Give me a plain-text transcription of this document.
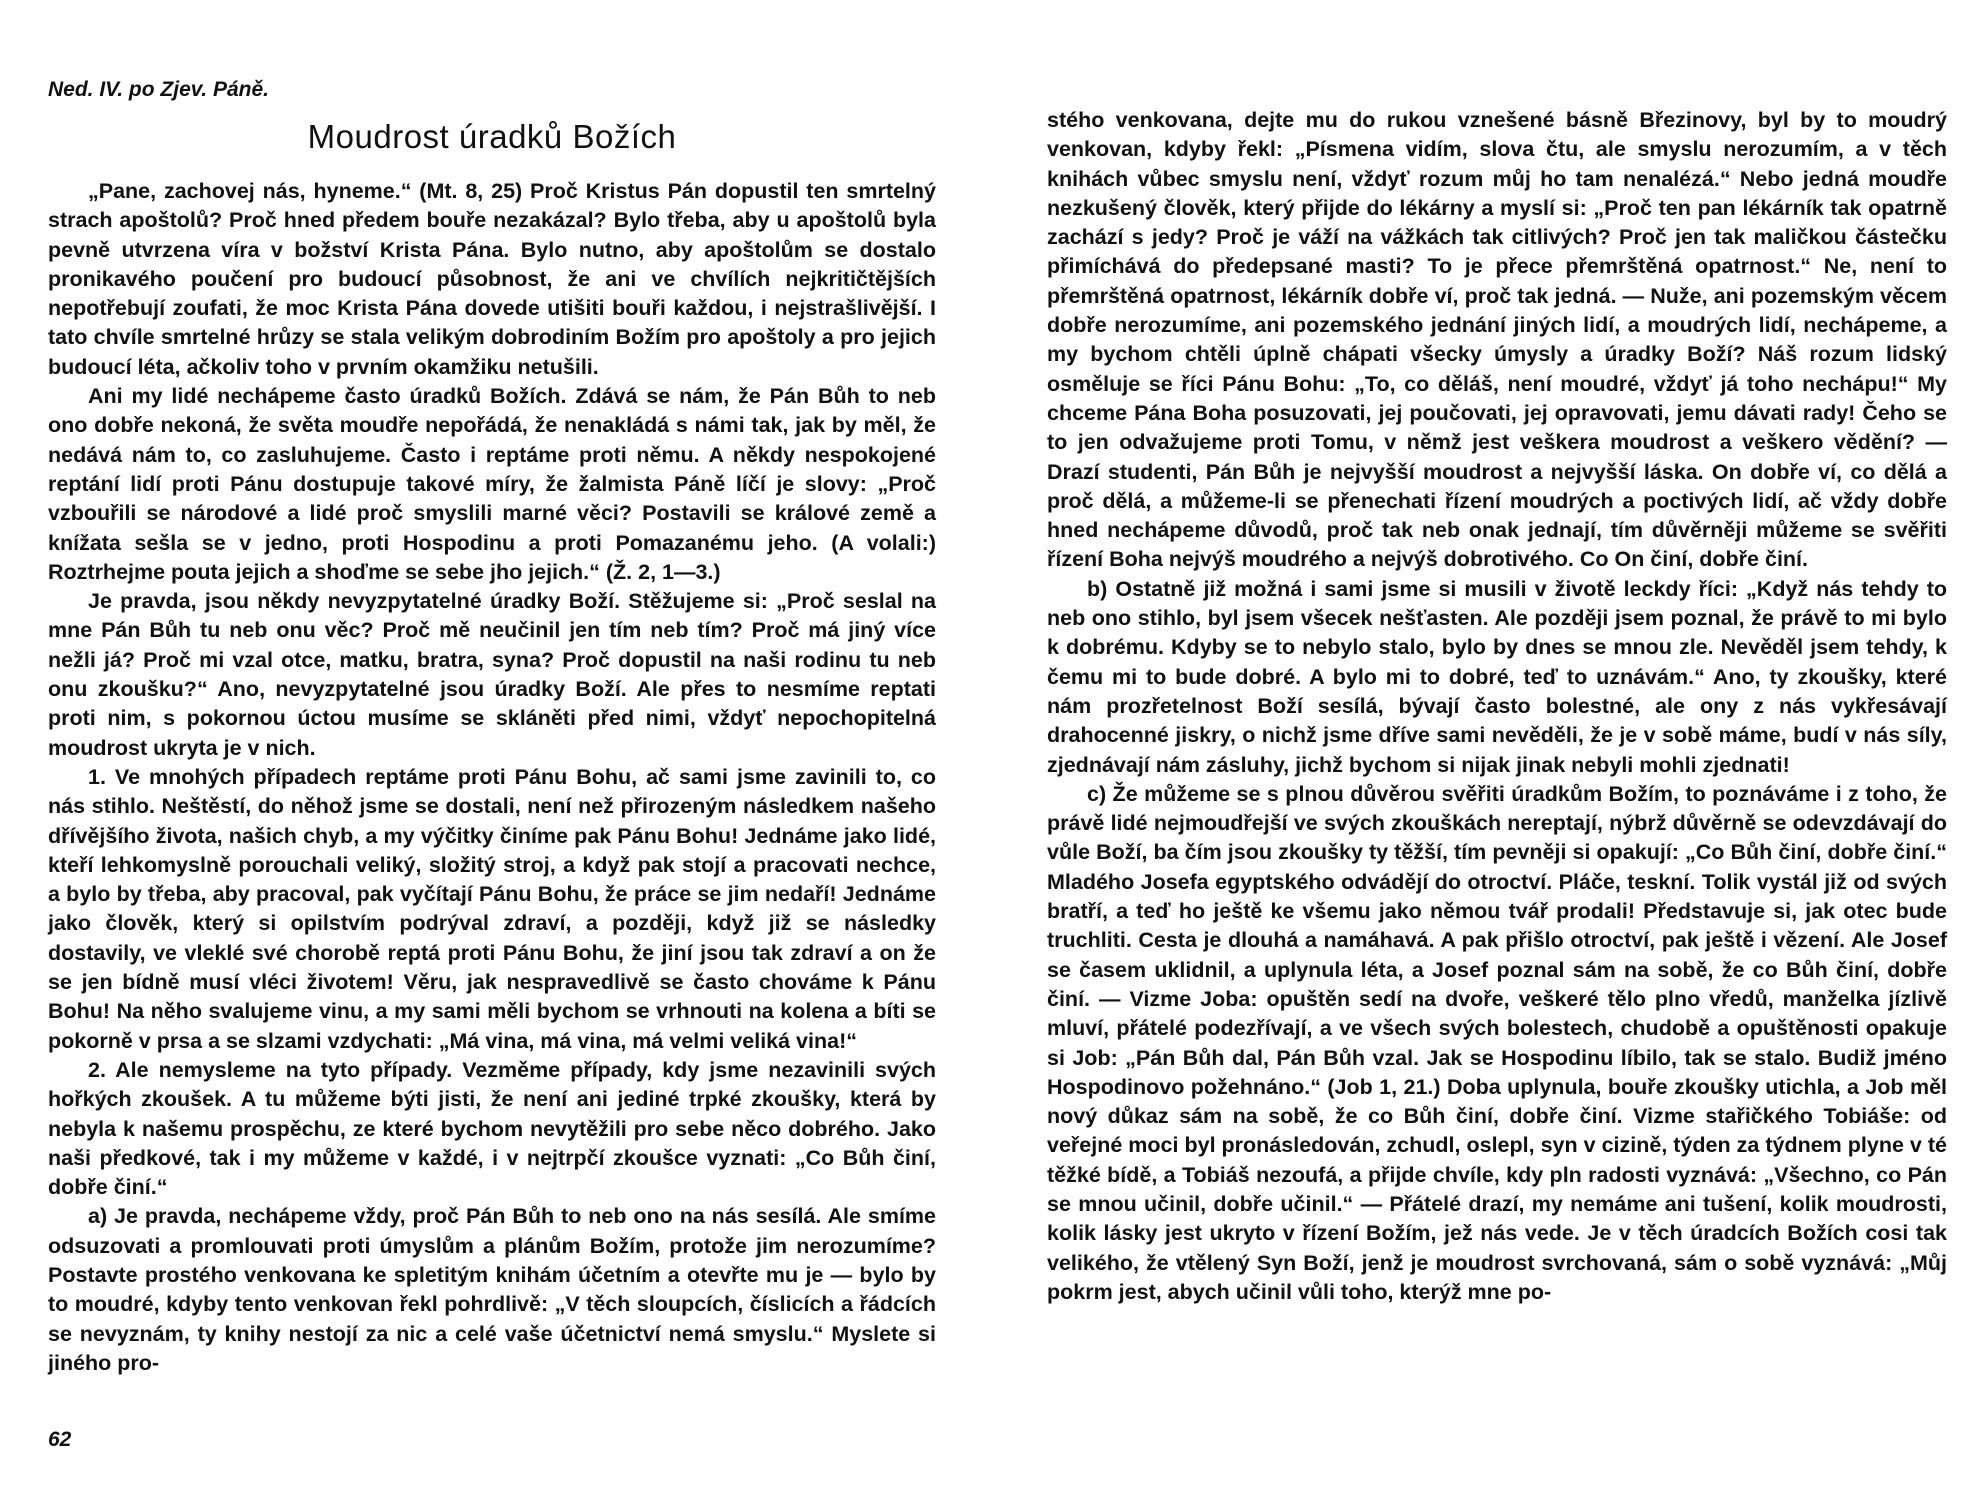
Ned. IV. po Zjev. Páně.
Moudrost úradků Božích

„Pane, zachovej nás, hyneme.“ (Mt. 8, 25) Proč Kristus Pán dopustil ten smrtelný strach apoštolů? Proč hned předem bouře nezakázal? Bylo třeba, aby u apoštolů byla pevně utvrzena víra v božství Krista Pána. Bylo nutno, aby apoštolům se dostalo pronikavého poučení pro budoucí působnost, že ani ve chvílích nejkritičtějších nepotřebují zoufati, že moc Krista Pána dovede utišiti bouři každou, i nejstrašlivější. I tato chvíle smrtelné hrůzy se stala velikým dobrodiním Božím pro apoštoly a pro jejich budoucí léta, ačkoliv toho v prvním okamžiku netušili.

Ani my lidé nechápeme často úradků Božích. Zdává se nám, že Pán Bůh to neb ono dobře nekoná, že světa moudře nepořádá, že nenakládá s námi tak, jak by měl, že nedává nám to, co zasluhujeme. Často i reptáme proti němu. A někdy nespokojené reptání lidí proti Pánu dostupuje takové míry, že žalmista Páně líčí je slovy: „Proč vzbouřili se národové a lidé proč smyslili marné věci? Postavili se králové země a knížata sešla se v jedno, proti Hospodinu a proti Pomazanému jeho. (A volali:) Roztrhejme pouta jejich a shoďme se sebe jho jejich.“ (Ž. 2, 1—3.)

Je pravda, jsou někdy nevyzpytatelné úradky Boží. Stěžujeme si: „Proč seslal na mne Pán Bůh tu neb onu věc? Proč mě neučinil jen tím neb tím? Proč má jiný více nežli já? Proč mi vzal otce, matku, bratra, syna? Proč dopustil na naši rodinu tu neb onu zkoušku?“ Ano, nevyzpytatelné jsou úradky Boží. Ale přes to nesmíme reptati proti nim, s pokornou úctou musíme se skláněti před nimi, vždyť nepochopitelná moudrost ukryta je v nich.

1. Ve mnohých případech reptáme proti Pánu Bohu, ač sami jsme zavinili to, co nás stihlo. Neštěstí, do něhož jsme se dostali, není než přirozeným následkem našeho dřívějšího života, našich chyb, a my výčitky činíme pak Pánu Bohu! Jednáme jako lidé, kteří lehkomyslně porouchali veliký, složitý stroj, a když pak stojí a pracovati nechce, a bylo by třeba, aby pracoval, pak vyčítají Pánu Bohu, že práce se jim nedaří! Jednáme jako člověk, který si opilstvím podrýval zdraví, a později, když již se následky dostavily, ve vleklé své chorobě reptá proti Pánu Bohu, že jiní jsou tak zdraví a on že se jen bídně musí vléci životem! Věru, jak nespravedlivě se často chováme k Pánu Bohu! Na něho svalujeme vinu, a my sami měli bychom se vrhnouti na kolena a bíti se pokorně v prsa a se slzami vzdychati: „Má vina, má vina, má velmi veliká vina!“

2. Ale nemysleme na tyto případy. Vezměme případy, kdy jsme nezavinili svých hořkých zkoušek. A tu můžeme býti jisti, že není ani jediné trpké zkoušky, která by nebyla k našemu prospěchu, ze které bychom nevytěžili pro sebe něco dobrého. Jako naši předkové, tak i my můžeme v každé, i v nejtrpčí zkoušce vyznati: „Co Bůh činí, dobře činí.“

a) Je pravda, nechápeme vždy, proč Pán Bůh to neb ono na nás sesílá. Ale smíme odsuzovati a promlouvati proti úmyslům a plánům Božím, protože jim nerozumíme? Postavte prostého venkovana ke spletitým knihám účetním a otevřte mu je — bylo by to moudré, kdyby tento venkovan řekl pohrdlivě: „V těch sloupcích, číslicích a řádcích se nevyznám, ty knihy nestojí za nic a celé vaše účetnictví nemá smyslu.“ Myslete si jiného pro-

62

stého venkovana, dejte mu do rukou vznešené básně Březinovy, byl by to moudrý venkovan, kdyby řekl: „Písmena vidím, slova čtu, ale smyslu nerozumím, a v těch knihách vůbec smyslu není, vždyť rozum můj ho tam nenalézá.“ Nebo jedná moudře nezkušený člověk, který přijde do lékárny a myslí si: „Proč ten pan lékárník tak opatrně zachází s jedy? Proč je váží na vážkách tak citlivých? Proč jen tak maličkou částečku přimíchává do předepsané masti? To je přece přemrštěná opatrnost.“ Ne, není to přemrštěná opatrnost, lékárník dobře ví, proč tak jedná. — Nuže, ani pozemským věcem dobře nerozumíme, ani pozemského jednání jiných lidí, a moudrých lidí, nechápeme, a my bychom chtěli úplně chápati všecky úmysly a úradky Boží? Náš rozum lidský osměluje se říci Pánu Bohu: „To, co děláš, není moudré, vždyť já toho nechápu!“ My chceme Pána Boha posuzovati, jej poučovati, jej opravovati, jemu dávati rady! Čeho se to jen odvažujeme proti Tomu, v němž jest veškera moudrost a veškero vědění? — Drazí studenti, Pán Bůh je nejvyšší moudrost a nejvyšší láska. On dobře ví, co dělá a proč dělá, a můžeme-li se přenechati řízení moudrých a poctivých lidí, ač vždy dobře hned nechápeme důvodů, proč tak neb onak jednají, tím důvěrněji můžeme se svěřiti řízení Boha nejvýš moudrého a nejvýš dobrotivého. Co On činí, dobře činí.

b) Ostatně již možná i sami jsme si musili v životě leckdy říci: „Když nás tehdy to neb ono stihlo, byl jsem všecek nešťasten. Ale později jsem poznal, že právě to mi bylo k dobrému. Kdyby se to nebylo stalo, bylo by dnes se mnou zle. Nevěděl jsem tehdy, k čemu mi to bude dobré. A bylo mi to dobré, teď to uznávám.“ Ano, ty zkoušky, které nám prozřetelnost Boží sesílá, bývají často bolestné, ale ony z nás vykřesávají drahocenné jiskry, o nichž jsme dříve sami nevěděli, že je v sobě máme, budí v nás síly, zjednávají nám zásluhy, jichž bychom si nijak jinak nebyli mohli zjednati!

c) Že můžeme se s plnou důvěrou svěřiti úradkům Božím, to poznáváme i z toho, že právě lidé nejmoudřejší ve svých zkouškách nereptají, nýbrž důvěrně se odevzdávají do vůle Boží, ba čím jsou zkoušky ty těžší, tím pevněji si opakují: „Co Bůh činí, dobře činí.“ Mladého Josefa egyptského odvádějí do otroctví. Pláče, teskní. Tolik vystál již od svých bratří, a teď ho ještě ke všemu jako němou tvář prodali! Představuje si, jak otec bude truchliti. Cesta je dlouhá a namáhavá. A pak přišlo otroctví, pak ještě i vězení. Ale Josef se časem uklidnil, a uplynula léta, a Josef poznal sám na sobě, že co Bůh činí, dobře činí. — Vizme Joba: opuštěn sedí na dvoře, veškeré tělo plno vředů, manželka jízlivě mluví, přátelé podezřívají, a ve všech svých bolestech, chudobě a opuštěnosti opakuje si Job: „Pán Bůh dal, Pán Bůh vzal. Jak se Hospodinu líbilo, tak se stalo. Budiž jméno Hospodinovo požehnáno.“ (Job 1, 21.) Doba uplynula, bouře zkoušky utichla, a Job měl nový důkaz sám na sobě, že co Bůh činí, dobře činí. Vizme stařičkého Tobiáše: od veřejné moci byl pronásledován, zchudl, oslepl, syn v cizině, týden za týdnem plyne v té těžké bídě, a Tobiáš nezoufá, a přijde chvíle, kdy pln radosti vyznává: „Všechno, co Pán se mnou učinil, dobře učinil.“ — Přátelé drazí, my nemáme ani tušení, kolik moudrosti, kolik lásky jest ukryto v řízení Božím, jež nás vede. Je v těch úradcích Božích cosi tak velikého, že vtělený Syn Boží, jenž je moudrost svrchovaná, sám o sobě vyznává: „Můj pokrm jest, abych učinil vůli toho, kterýž mne po-
